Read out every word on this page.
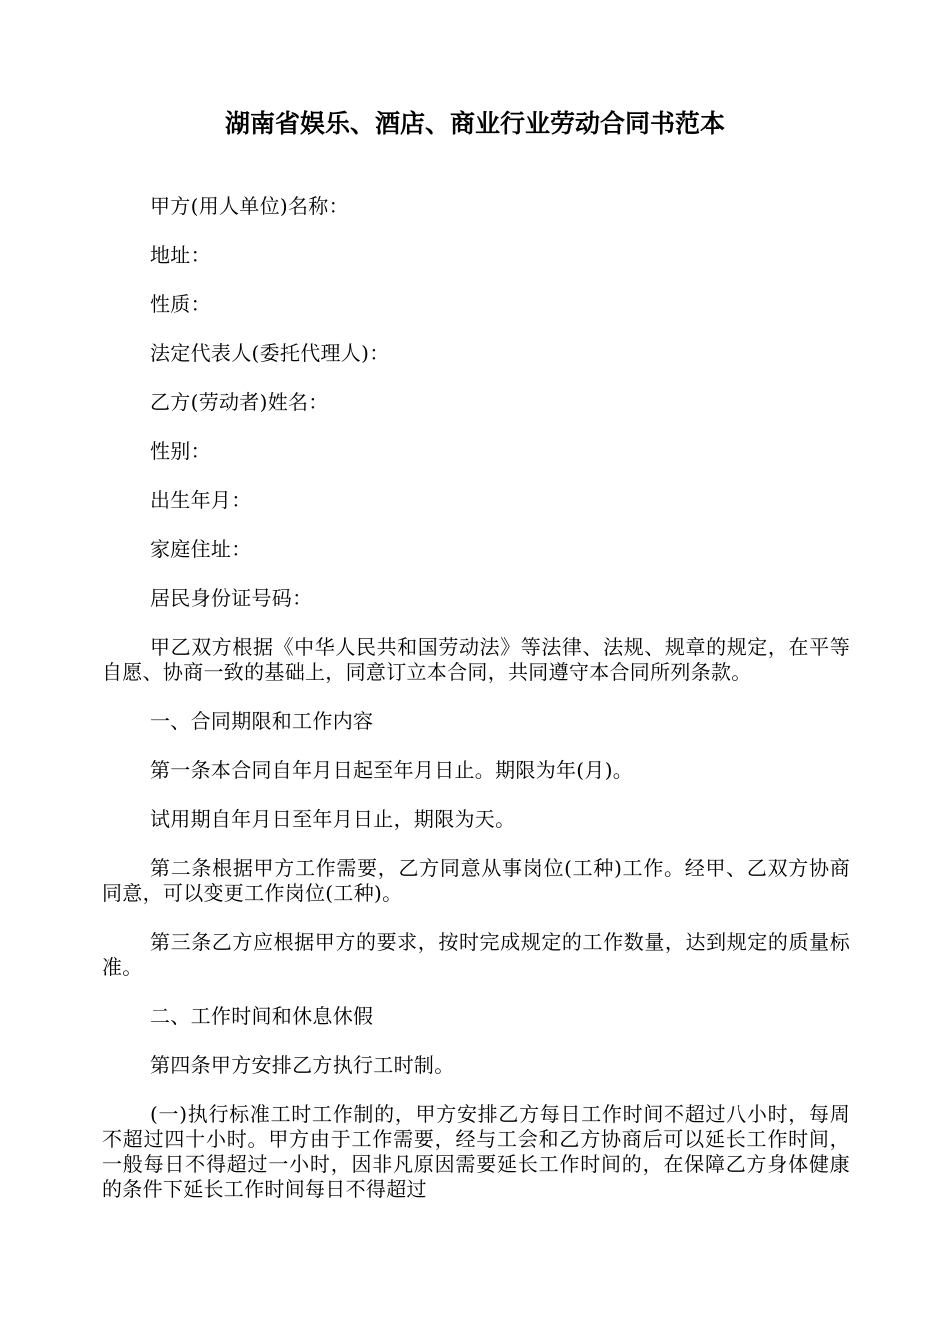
湖南省娱乐、酒店、商业行业劳动合同书范本

甲方(用人单位)名称：

地址：

性质：

法定代表人(委托代理人)：

乙方(劳动者)姓名：

性别：

出生年月：

家庭住址：

居民身份证号码：

甲乙双方根据《中华人民共和国劳动法》等法律、法规、规章的规定，在平等自愿、协商一致的基础上，同意订立本合同，共同遵守本合同所列条款。

一、合同期限和工作内容

第一条本合同自年月日起至年月日止。期限为年(月)。

试用期自年月日至年月日止，期限为天。

第二条根据甲方工作需要，乙方同意从事岗位(工种)工作。经甲、乙双方协商同意，可以变更工作岗位(工种)。

第三条乙方应根据甲方的要求，按时完成规定的工作数量，达到规定的质量标准。

二、工作时间和休息休假

第四条甲方安排乙方执行工时制。

(一)执行标准工时工作制的，甲方安排乙方每日工作时间不超过八小时，每周不超过四十小时。甲方由于工作需要，经与工会和乙方协商后可以延长工作时间，一般每日不得超过一小时，因非凡原因需要延长工作时间的，在保障乙方身体健康的条件下延长工作时间每日不得超过
